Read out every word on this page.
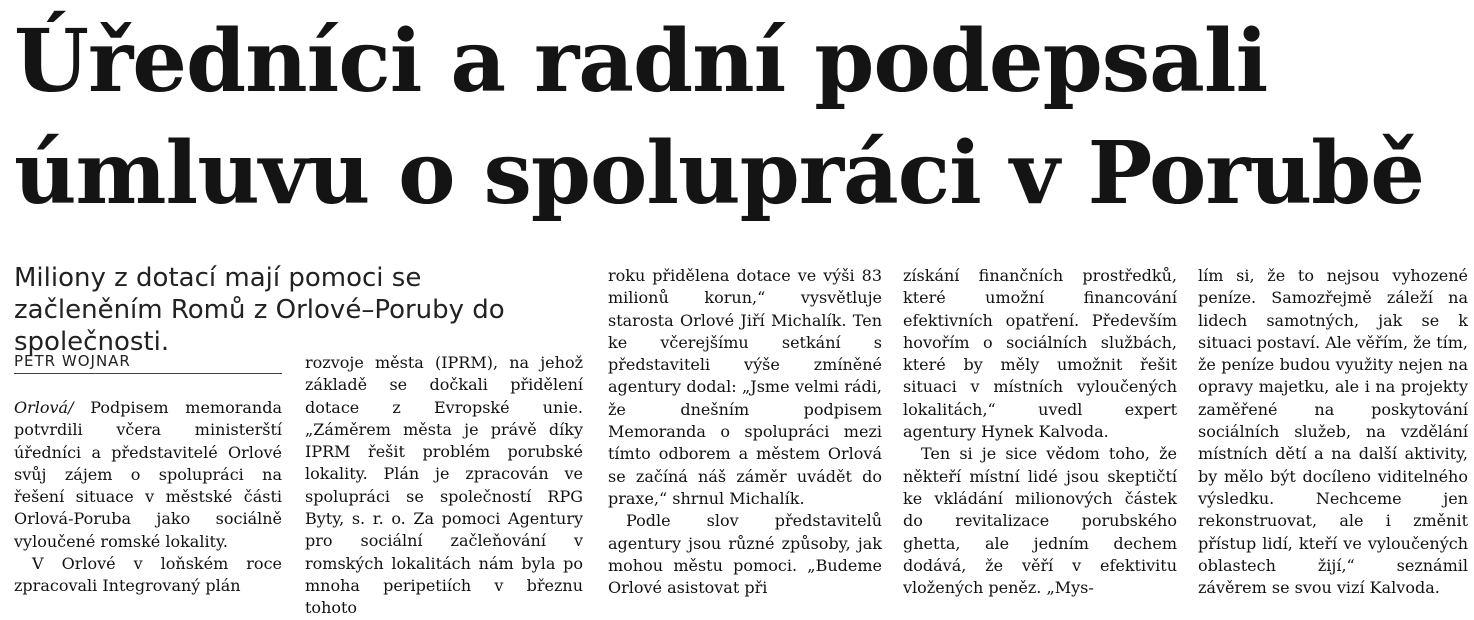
Úředníci a radní podepsali
úmluvu o spolupráci v Porubě
Miliony z dotací mají pomoci se začleněním Romů z Orlové–Poruby do společnosti.
PETR WOJNAR

Orlová/ Podpisem memoranda potvrdili včera ministerští úředníci a představitelé Orlové svůj zájem o spolupráci na řešení situace v městské části Orlová-Poruba jako sociálně vyloučené romské lokality.

V Orlové v loňském roce zpracovali Integrovaný plán

rozvoje města (IPRM), na jehož základě se dočkali přidělení dotace z Evropské unie. „Záměrem města je právě díky IPRM řešit problém porubské lokality. Plán je zpracován ve spolupráci se společností RPG Byty, s. r. o. Za pomoci Agentury pro sociální začleňování v romských lokalitách nám byla po mnoha peripetiích v březnu tohoto

roku přidělena dotace ve výši 83 milionů korun,“ vysvětluje starosta Orlové Jiří Michalík. Ten ke včerejšímu setkání s představiteli výše zmíněné agentury dodal: „Jsme velmi rádi, že dnešním podpisem Memoranda o spolupráci mezi tímto odborem a městem Orlová se začíná náš záměr uvádět do praxe,“ shrnul Michalík.

Podle slov představitelů agentury jsou různé způsoby, jak mohou městu pomoci. „Budeme Orlové asistovat při

získání finančních prostředků, které umožní financování efektivních opatření. Především hovořím o sociálních službách, které by měly umožnit řešit situaci v místních vyloučených lokalitách,“ uvedl expert agentury Hynek Kalvoda.

Ten si je sice vědom toho, že někteří místní lidé jsou skeptičtí ke vkládání milionových částek do revitalizace porubského ghetta, ale jedním dechem dodává, že věří v efektivitu vložených peněz. „Mys-

lím si, že to nejsou vyhozené peníze. Samozřejmě záleží na lidech samotných, jak se k situaci postaví. Ale věřím, že tím, že peníze budou využity nejen na opravy majetku, ale i na projekty zaměřené na poskytování sociálních služeb, na vzdělání místních dětí a na další aktivity, by mělo být docíleno viditelného výsledku. Nechceme jen rekonstruovat, ale i změnit přístup lidí, kteří ve vyloučených oblastech žijí,“ seznámil závěrem se svou vizí Kalvoda.
